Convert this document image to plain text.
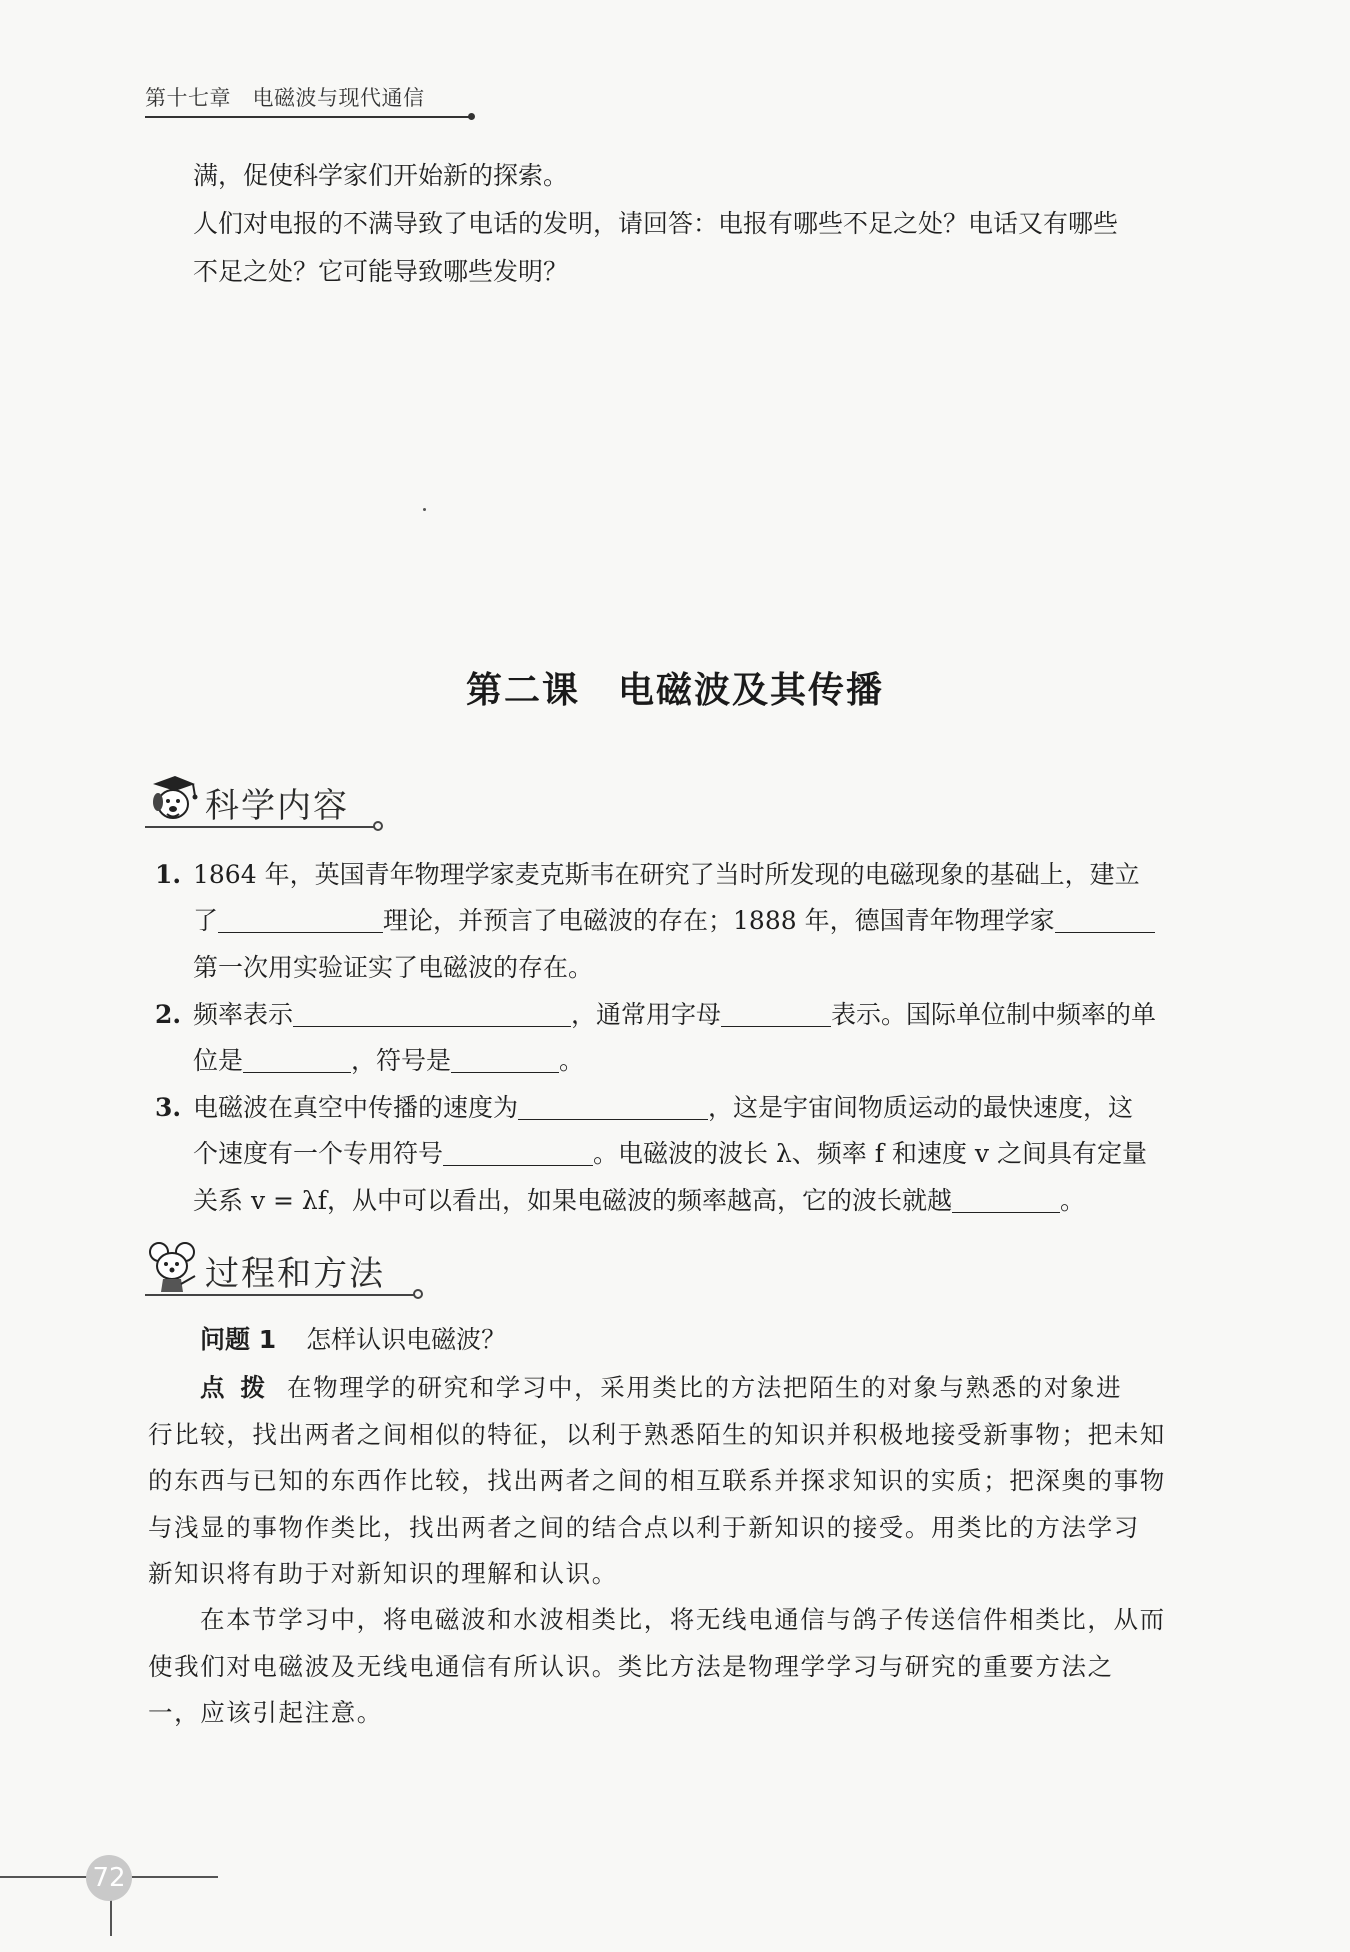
第十七章　电磁波与现代通信
满，促使科学家们开始新的探索。
人们对电报的不满导致了电话的发明，请回答：电报有哪些不足之处？电话又有哪些
不足之处？它可能导致哪些发明？
第二课　电磁波及其传播
科学内容
1. 1864 年，英国青年物理学家麦克斯韦在研究了当时所发现的电磁现象的基础上，建立
了	理论，并预言了电磁波的存在；1888 年，德国青年物理学家
第一次用实验证实了电磁波的存在。
2. 频率表示	，通常用字母	表示。国际单位制中频率的单
位是	，符号是	。
3. 电磁波在真空中传播的速度为	，这是宇宙间物质运动的最快速度，这
个速度有一个专用符号	。电磁波的波长 λ、频率 f 和速度 v 之间具有定量
关系 v = λf，从中可以看出，如果电磁波的频率越高，它的波长就越	。
过程和方法
问题 1 怎样认识电磁波？
点拨 在物理学的研究和学习中，采用类比的方法把陌生的对象与熟悉的对象进
行比较，找出两者之间相似的特征，以利于熟悉陌生的知识并积极地接受新事物；把未知
的东西与已知的东西作比较，找出两者之间的相互联系并探求知识的实质；把深奥的事物
与浅显的事物作类比，找出两者之间的结合点以利于新知识的接受。用类比的方法学习
新知识将有助于对新知识的理解和认识。
在本节学习中，将电磁波和水波相类比，将无线电通信与鸽子传送信件相类比，从而
使我们对电磁波及无线电通信有所认识。类比方法是物理学学习与研究的重要方法之
一，应该引起注意。
72
